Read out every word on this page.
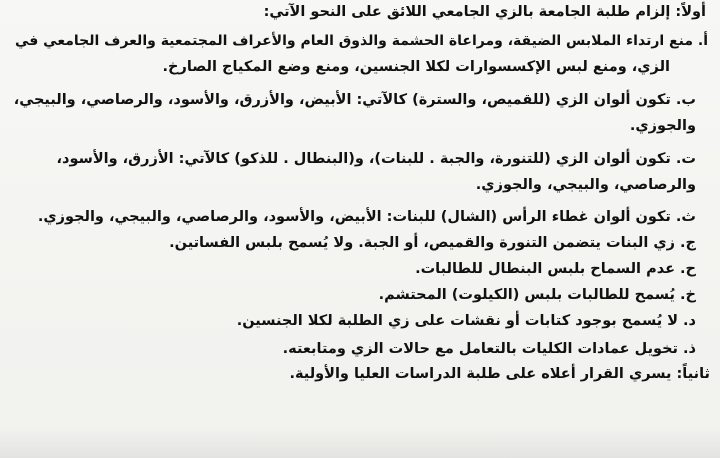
أولاً: إلزام طلبة الجامعة بالزي الجامعي اللائق على النحو الآتي:
أ. منع ارتداء الملابس الضيقة، ومراعاة الحشمة والذوق العام والأعراف المجتمعية والعرف الجامعي في
الزي، ومنع لبس الإكسسوارات لكلا الجنسين، ومنع وضع المكياج الصارخ.
ب. تكون ألوان الزي (للقميص، والسترة) كالآتي: الأبيض، والأزرق، والأسود، والرصاصي، والبيجي،
والجوزي.
ت. تكون ألوان الزي (للتنورة، والجبة . للبنات)، و(البنطال . للذكو) كالآتي: الأزرق، والأسود،
والرصاصي، والبيجي، والجوزي.
ث. تكون ألوان غطاء الرأس (الشال) للبنات: الأبيض، والأسود، والرصاصي، والبيجي، والجوزي.
ج. زي البنات يتضمن التنورة والقميص، أو الجبة. ولا يُسمح بلبس الفساتين.
ح. عدم السماح بلبس البنطال للطالبات.
خ. يُسمح للطالبات بلبس (الكيلوت) المحتشم.
د. لا يُسمح بوجود كتابات أو نقشات على زي الطلبة لكلا الجنسين.
ذ. تخويل عمادات الكليات بالتعامل مع حالات الزي ومتابعته.
ثانياً: يسري القرار أعلاه على طلبة الدراسات العليا والأولية.
